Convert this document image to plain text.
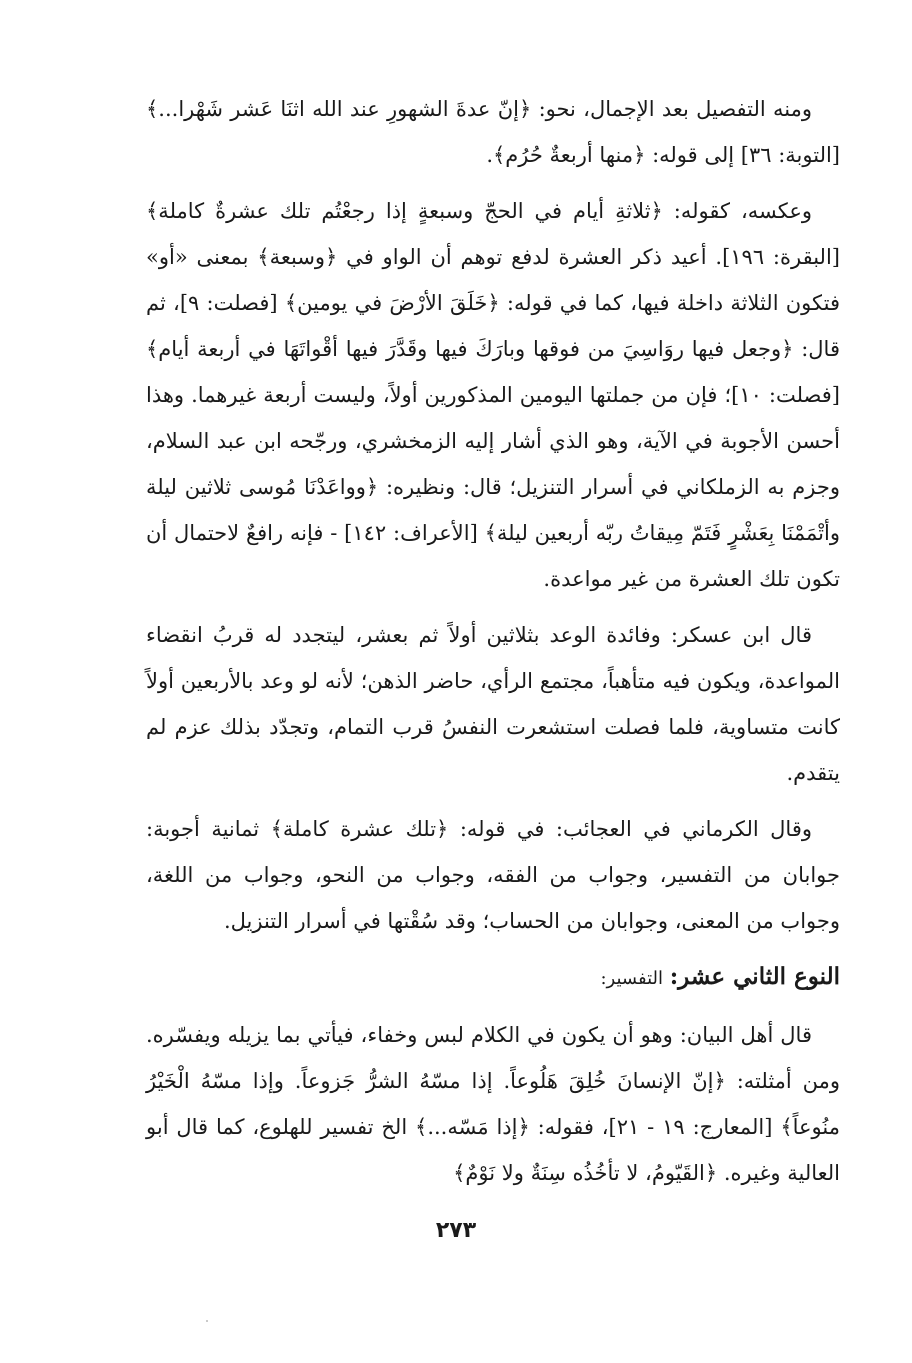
ومنه التفصيل بعد الإجمال، نحو: ﴿إنّ عدةَ الشهورِ عند الله اثنَا عَشر شَهْرا...﴾ [التوبة: ٣٦] إلى قوله: ﴿منها أربعةٌ حُرُم﴾.

وعكسه، كقوله: ﴿ثلاثةِ أيام في الحجّ وسبعةٍ إذا رجعْتُم تلك عشرةٌ كاملة﴾ [البقرة: ١٩٦]. أعيد ذكر العشرة لدفع توهم أن الواو في ﴿وسبعة﴾ بمعنى «أو» فتكون الثلاثة داخلة فيها، كما في قوله: ﴿خَلَقَ الأرْضَ في يومين﴾ [فصلت: ٩]، ثم قال: ﴿وجعل فيها روَاسِيَ من فوقها وبارَكَ فيها وقَدَّرَ فيها أقْواتَهَا في أربعة أيام﴾ [فصلت: ١٠]؛ فإن من جملتها اليومين المذكورين أولاً، وليست أربعة غيرهما. وهذا أحسن الأجوبة في الآية، وهو الذي أشار إليه الزمخشري، ورجّحه ابن عبد السلام، وجزم به الزملكاني في أسرار التنزيل؛ قال: ونظيره: ﴿وواعَدْنَا مُوسى ثلاثين ليلة وأتْمَمْنَا بِعَشْرٍ فَتَمّ مِيقاتُ ربّه أربعين ليلة﴾ [الأعراف: ١٤٢] - فإنه رافعٌ لاحتمال أن تكون تلك العشرة من غير مواعدة.

قال ابن عسكر: وفائدة الوعد بثلاثين أولاً ثم بعشر، ليتجدد له قربُ انقضاء المواعدة، ويكون فيه متأهباً، مجتمع الرأي، حاضر الذهن؛ لأنه لو وعد بالأربعين أولاً كانت متساوية، فلما فصلت استشعرت النفسُ قرب التمام، وتجدّد بذلك عزم لم يتقدم.

وقال الكرماني في العجائب: في قوله: ﴿تلك عشرة كاملة﴾ ثمانية أجوبة: جوابان من التفسير، وجواب من الفقه، وجواب من النحو، وجواب من اللغة، وجواب من المعنى، وجوابان من الحساب؛ وقد سُقْتها في أسرار التنزيل.

النوع الثاني عشر: التفسير:

قال أهل البيان: وهو أن يكون في الكلام لبس وخفاء، فيأتي بما يزيله ويفسّره. ومن أمثلته: ﴿إنّ الإنسانَ خُلِقَ هَلُوعاً. إذا مسّهُ الشرُّ جَزوعاً. وإذا مسّهُ الْخَيْرُ منُوعاً﴾ [المعارج: ١٩ - ٢١]، فقوله: ﴿إذا مَسّه...﴾ الخ تفسير للهلوع، كما قال أبو العالية وغيره. ﴿القَيّومُ، لا تأخُذُه سِنَةٌ ولا نَوْمٌ﴾

٢٧٣
